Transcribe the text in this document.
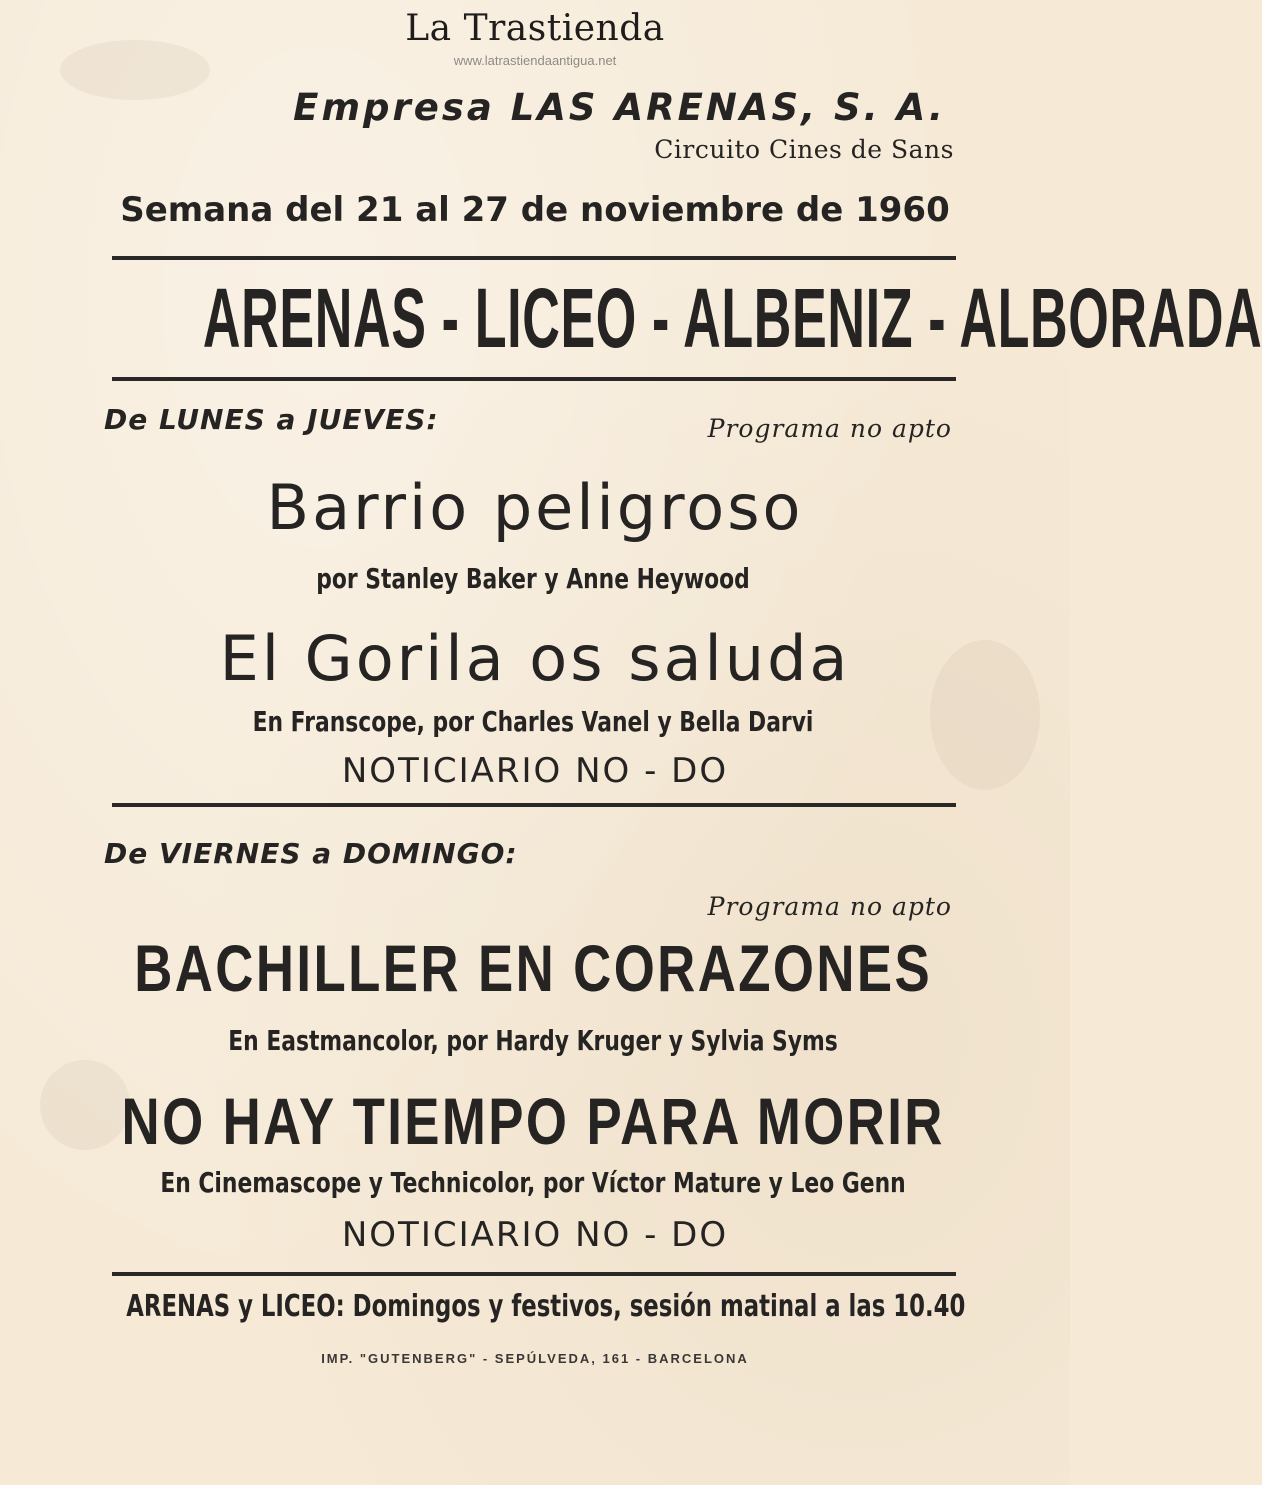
La Trastienda
www.latrastiendaantigua.net
Empresa LAS ARENAS, S. A.
Circuito Cines de Sans
Semana del 21 al 27 de noviembre de 1960
ARENAS - LICEO - ALBENIZ - ALBORADA
De LUNES a JUEVES:	Programa no apto
Barrio peligroso
por Stanley Baker y Anne Heywood
El Gorila os saluda
En Franscope, por Charles Vanel y Bella Darvi
NOTICIARIO NO - DO
De VIERNES a DOMINGO:
Programa no apto
BACHILLER EN CORAZONES
En Eastmancolor, por Hardy Kruger y Sylvia Syms
NO HAY TIEMPO PARA MORIR
En Cinemascope y Technicolor, por Víctor Mature y Leo Genn
NOTICIARIO NO - DO
ARENAS y LICEO: Domingos y festivos, sesión matinal a las 10.40
IMP. "GUTENBERG" - SEPÚLVEDA, 161 - BARCELONA
